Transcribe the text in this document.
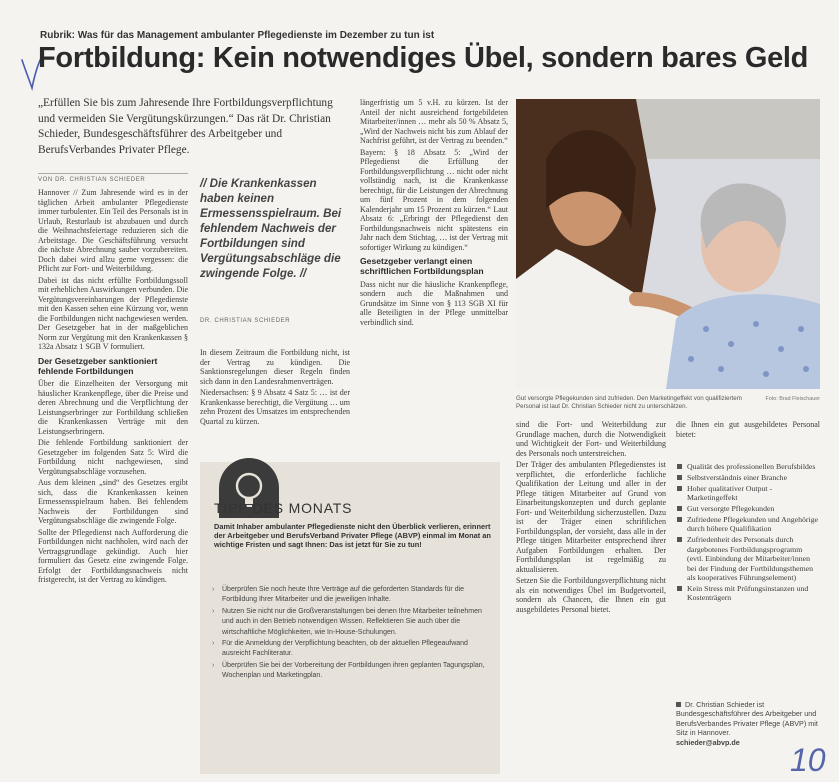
Rubrik: Was für das Management ambulanter Pflegedienste im Dezember zu tun ist
Fortbildung: Kein notwendiges Übel, sondern bares Geld
„Erfüllen Sie bis zum Jahresende Ihre Fortbildungsverpflichtung und vermeiden Sie Vergütungskürzungen.“ Das rät Dr. Christian Schieder, Bundesgeschäftsführer des Arbeitgeber und BerufsVerbandes Privater Pflege.
VON DR. CHRISTIAN SCHIEDER	// Die Krankenkassen haben keinen Ermessensspielraum. Bei fehlendem Nachweis der Fortbildungen sind Vergütungsabschläge die zwingende Folge. //
DR. CHRISTIAN SCHIEDER

Hannover // Zum Jahresende wird es in der täglichen Arbeit ambulanter Pflegedienste immer turbulenter. Ein Teil des Personals ist in Urlaub, Resturlaub ist abzubauen und durch die Weihnachtsfeiertage reduzieren sich die Arbeitstage. Die Geschäftsführung versucht die nächste Abrechnung sauber vorzubereiten. Doch dabei wird allzu gerne vergessen: die Pflicht zur Fort- und Weiterbildung.

Dabei ist das nicht erfüllte Fortbildungssoll mit erheblichen Auswirkungen verbunden. Die Vergütungsvereinbarungen der Pflegedienste mit den Kassen sehen eine Kürzung vor, wenn die Fortbildungen nicht nachgewiesen werden. Der Gesetzgeber hat in der maßgeblichen Norm zur Vergütung mit den Krankenkassen § 132a Absatz 1 SGB V formuliert.

Der Gesetzgeber sanktioniert fehlende Fortbildungen

Über die Einzelheiten der Versorgung mit häuslicher Krankenpflege, über die Preise und deren Abrechnung und die Verpflichtung der Leistungserbringer zur Fortbildung schließen die Krankenkassen Verträge mit den Leistungserbringern.

Die fehlende Fortbildung sanktioniert der Gesetzgeber im folgenden Satz 5: Wird die Fortbildung nicht nachgewiesen, sind Vergütungsabschläge vorzusehen.

Aus dem kleinen „sind“ des Gesetzes ergibt sich, dass die Krankenkassen keinen Ermessensspielraum haben. Bei fehlendem Nachweis der Fortbildungen sind Vergütungsabschläge die zwingende Folge.

Sollte der Pflegedienst nach Aufforderung die Fortbildungen nicht nachholen, wird nach der Vertragsgrundlage gekündigt. Auch hier formuliert das Gesetz eine zwingende Folge. Erfolgt der Fortbildungsnachweis nicht fristgerecht, ist der Vertrag zu kündigen.

In diesem Zeitraum die Fortbildung nicht, ist der Vertrag zu kündigen. Die Sanktionsregelungen dieser Regeln finden sich dann in den Landesrahmenverträgen.

Niedersachsen: § 9 Absatz 4 Satz 5: … ist der Krankenkasse berechtigt, die Vergütung … um zehn Prozent des Umsatzes im entsprechenden Quartal zu kürzen.

längerfristig um 5 v.H. zu kürzen. Ist der Anteil der nicht ausreichend fortgebildeten Mitarbeiter/innen … mehr als 50 % Absatz 5, „Wird der Nachweis nicht bis zum Ablauf der Nachfrist geführt, ist der Vertrag zu beenden.“

Bayern: § 18 Absatz 5: „Wird der Pflegedienst die Erfüllung der Fortbildungsverpflichtung … nicht oder nicht vollständig nach, ist die Krankenkasse berechtigt, für die Leistungen der Abrechnung um fünf Prozent in dem folgenden Kalenderjahr um 15 Prozent zu kürzen.“ Laut Absatz 6: „Erbringt der Pflegedienst den Fortbildungsnachweis nicht spätestens ein Jahr nach dem Stichtag, … ist der Vertrag mit sofortiger Wirkung zu kündigen.“

Gesetzgeber verlangt einen schriftlichen Fortbildungsplan

Dass nicht nur die häusliche Krankenpflege, sondern auch die Maßnahmen und Grundsätze im Sinne von § 113 SGB XI für alle Beteiligten in der Pflege unmittelbar verbindlich sind.

Foto: Brad Fleischauer
Gut versorgte Pflegekunden sind zufrieden. Den Marketingeffekt von qualifiziertem Personal ist laut Dr. Christian Schieder nicht zu unterschätzen.
TIPP DES MONATS
Damit Inhaber ambulanter Pflegedienste nicht den Überblick verlieren, erinnert der Arbeitgeber und BerufsVerband Privater Pflege (ABVP) einmal im Monat an wichtige Fristen und sagt Ihnen: Das ist jetzt für Sie zu tun!
› Überprüfen Sie noch heute Ihre Verträge auf die geforderten Standards für die Fortbildung Ihrer Mitarbeiter und die jeweiligen Inhalte.
› Nutzen Sie nicht nur die Großveranstaltungen bei denen Ihre Mitarbeiter teilnehmen und auch in den Betrieb notwendigen Wissen. Reflektieren Sie auch über die wirtschaftliche Möglichkeiten, wie In-House-Schulungen.
› Für die Anmeldung der Verpflichtung beachten, ob der aktuellen Pflegeaufwand ausreicht Fachliteratur.
› Überprüfen Sie bei der Vorbereitung der Fortbildungen ihren geplanten Tagungsplan, Wochenplan und Marketingplan.

sind die Fort- und Weiterbildung zur Grundlage machen, durch die Notwendigkeit und Wichtigkeit der Fort- und Weiterbildung des Personals noch unterstreichen.

Der Träger des ambulanten Pflegedienstes ist verpflichtet, die erforderliche fachliche Qualifikation der Leitung und aller in der Pflege tätigen Mitarbeiter auf Grund von Einarbeitungskonzepten und durch geplante Fort- und Weiterbildung sicherzustellen. Dazu ist der Träger einen schriftlichen Fortbildungsplan, der vorsieht, dass alle in der Pflege tätigen Mitarbeiter entsprechend ihrer Aufgaben Fortbildungen erhalten. Der Fortbildungsplan ist regelmäßig zu aktualisieren.

Setzen Sie die Fortbildungsverpflichtung nicht als ein notwendiges Übel im Budgetvorteil, sondern als Chancen, die Ihnen ein gut ausgebildetes Personal bietet.

die Ihnen ein gut ausgebildetes Personal bietet:

Qualität des professionellen Berufsbildes
Selbstverständnis einer Branche
Hoher qualitativer Output - Marketingeffekt
Gut versorgte Pflegekunden
Zufriedene Pflegekunden und Angehörige durch höhere Qualifikation
Zufriedenheit des Personals durch dargebotenes Fortbildungsprogramm (evtl. Einbindung der Mitarbeiter/innen bei der Findung der Fortbildungsthemen als kooperatives Führungselement)
Kein Stress mit Prüfungsinstanzen und Kostenträgern
Dr. Christian Schieder ist Bundesgeschäftsführer des Arbeitgeber und BerufsVerbandes Privater Pflege (ABVP) mit Sitz in Hannover.
schieder@abvp.de	10
